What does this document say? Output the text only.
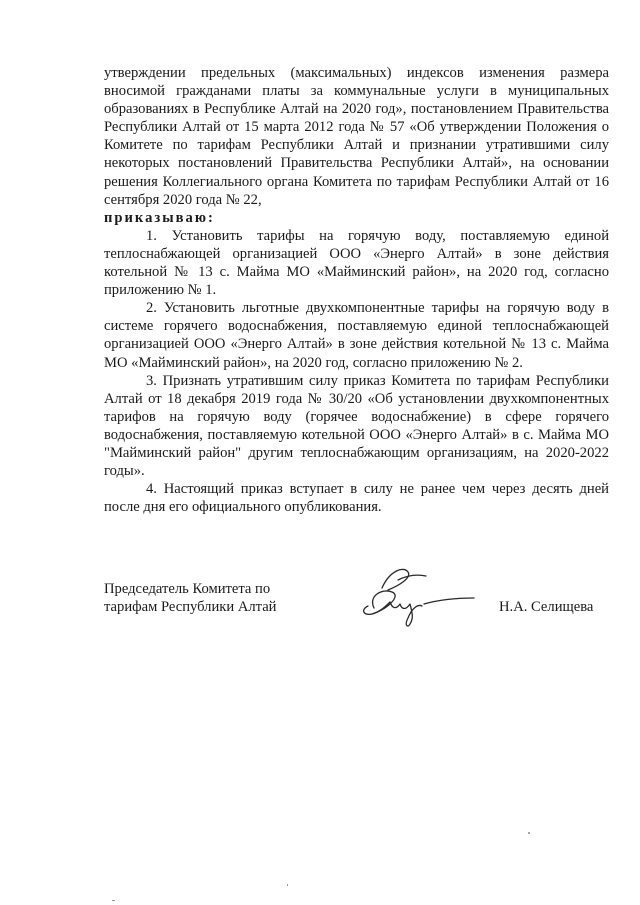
утверждении предельных (максимальных) индексов изменения размера вносимой гражданами платы за коммунальные услуги в муниципальных образованиях в Республике Алтай на 2020 год», постановлением Правительства Республики Алтай от 15 марта 2012 года № 57 «Об утверждении Положения о Комитете по тарифам Республики Алтай и признании утратившими силу некоторых постановлений Правительства Республики Алтай», на основании решения Коллегиального органа Комитета по тарифам Республики Алтай от 16 сентября 2020 года № 22,

приказываю:

1. Установить тарифы на горячую воду, поставляемую единой теплоснабжающей организацией ООО «Энерго Алтай» в зоне действия котельной № 13 с. Майма МО «Майминский район», на 2020 год, согласно приложению № 1.

2. Установить льготные двухкомпонентные тарифы на горячую воду в системе горячего водоснабжения, поставляемую единой теплоснабжающей организацией ООО «Энерго Алтай» в зоне действия котельной № 13 с. Майма МО «Майминский район», на 2020 год, согласно приложению № 2.

3. Признать утратившим силу приказ Комитета по тарифам Республики Алтай от 18 декабря 2019 года № 30/20 «Об установлении двухкомпонентных тарифов на горячую воду (горячее водоснабжение) в сфере горячего водоснабжения, поставляемую котельной ООО «Энерго Алтай» в с. Майма МО "Майминский район" другим теплоснабжающим организациям, на 2020-2022 годы».

4. Настоящий приказ вступает в силу не ранее чем через десять дней после дня его официального опубликования.

Председатель Комитета по
тарифам Республики Алтай	Н.А. Селищева
